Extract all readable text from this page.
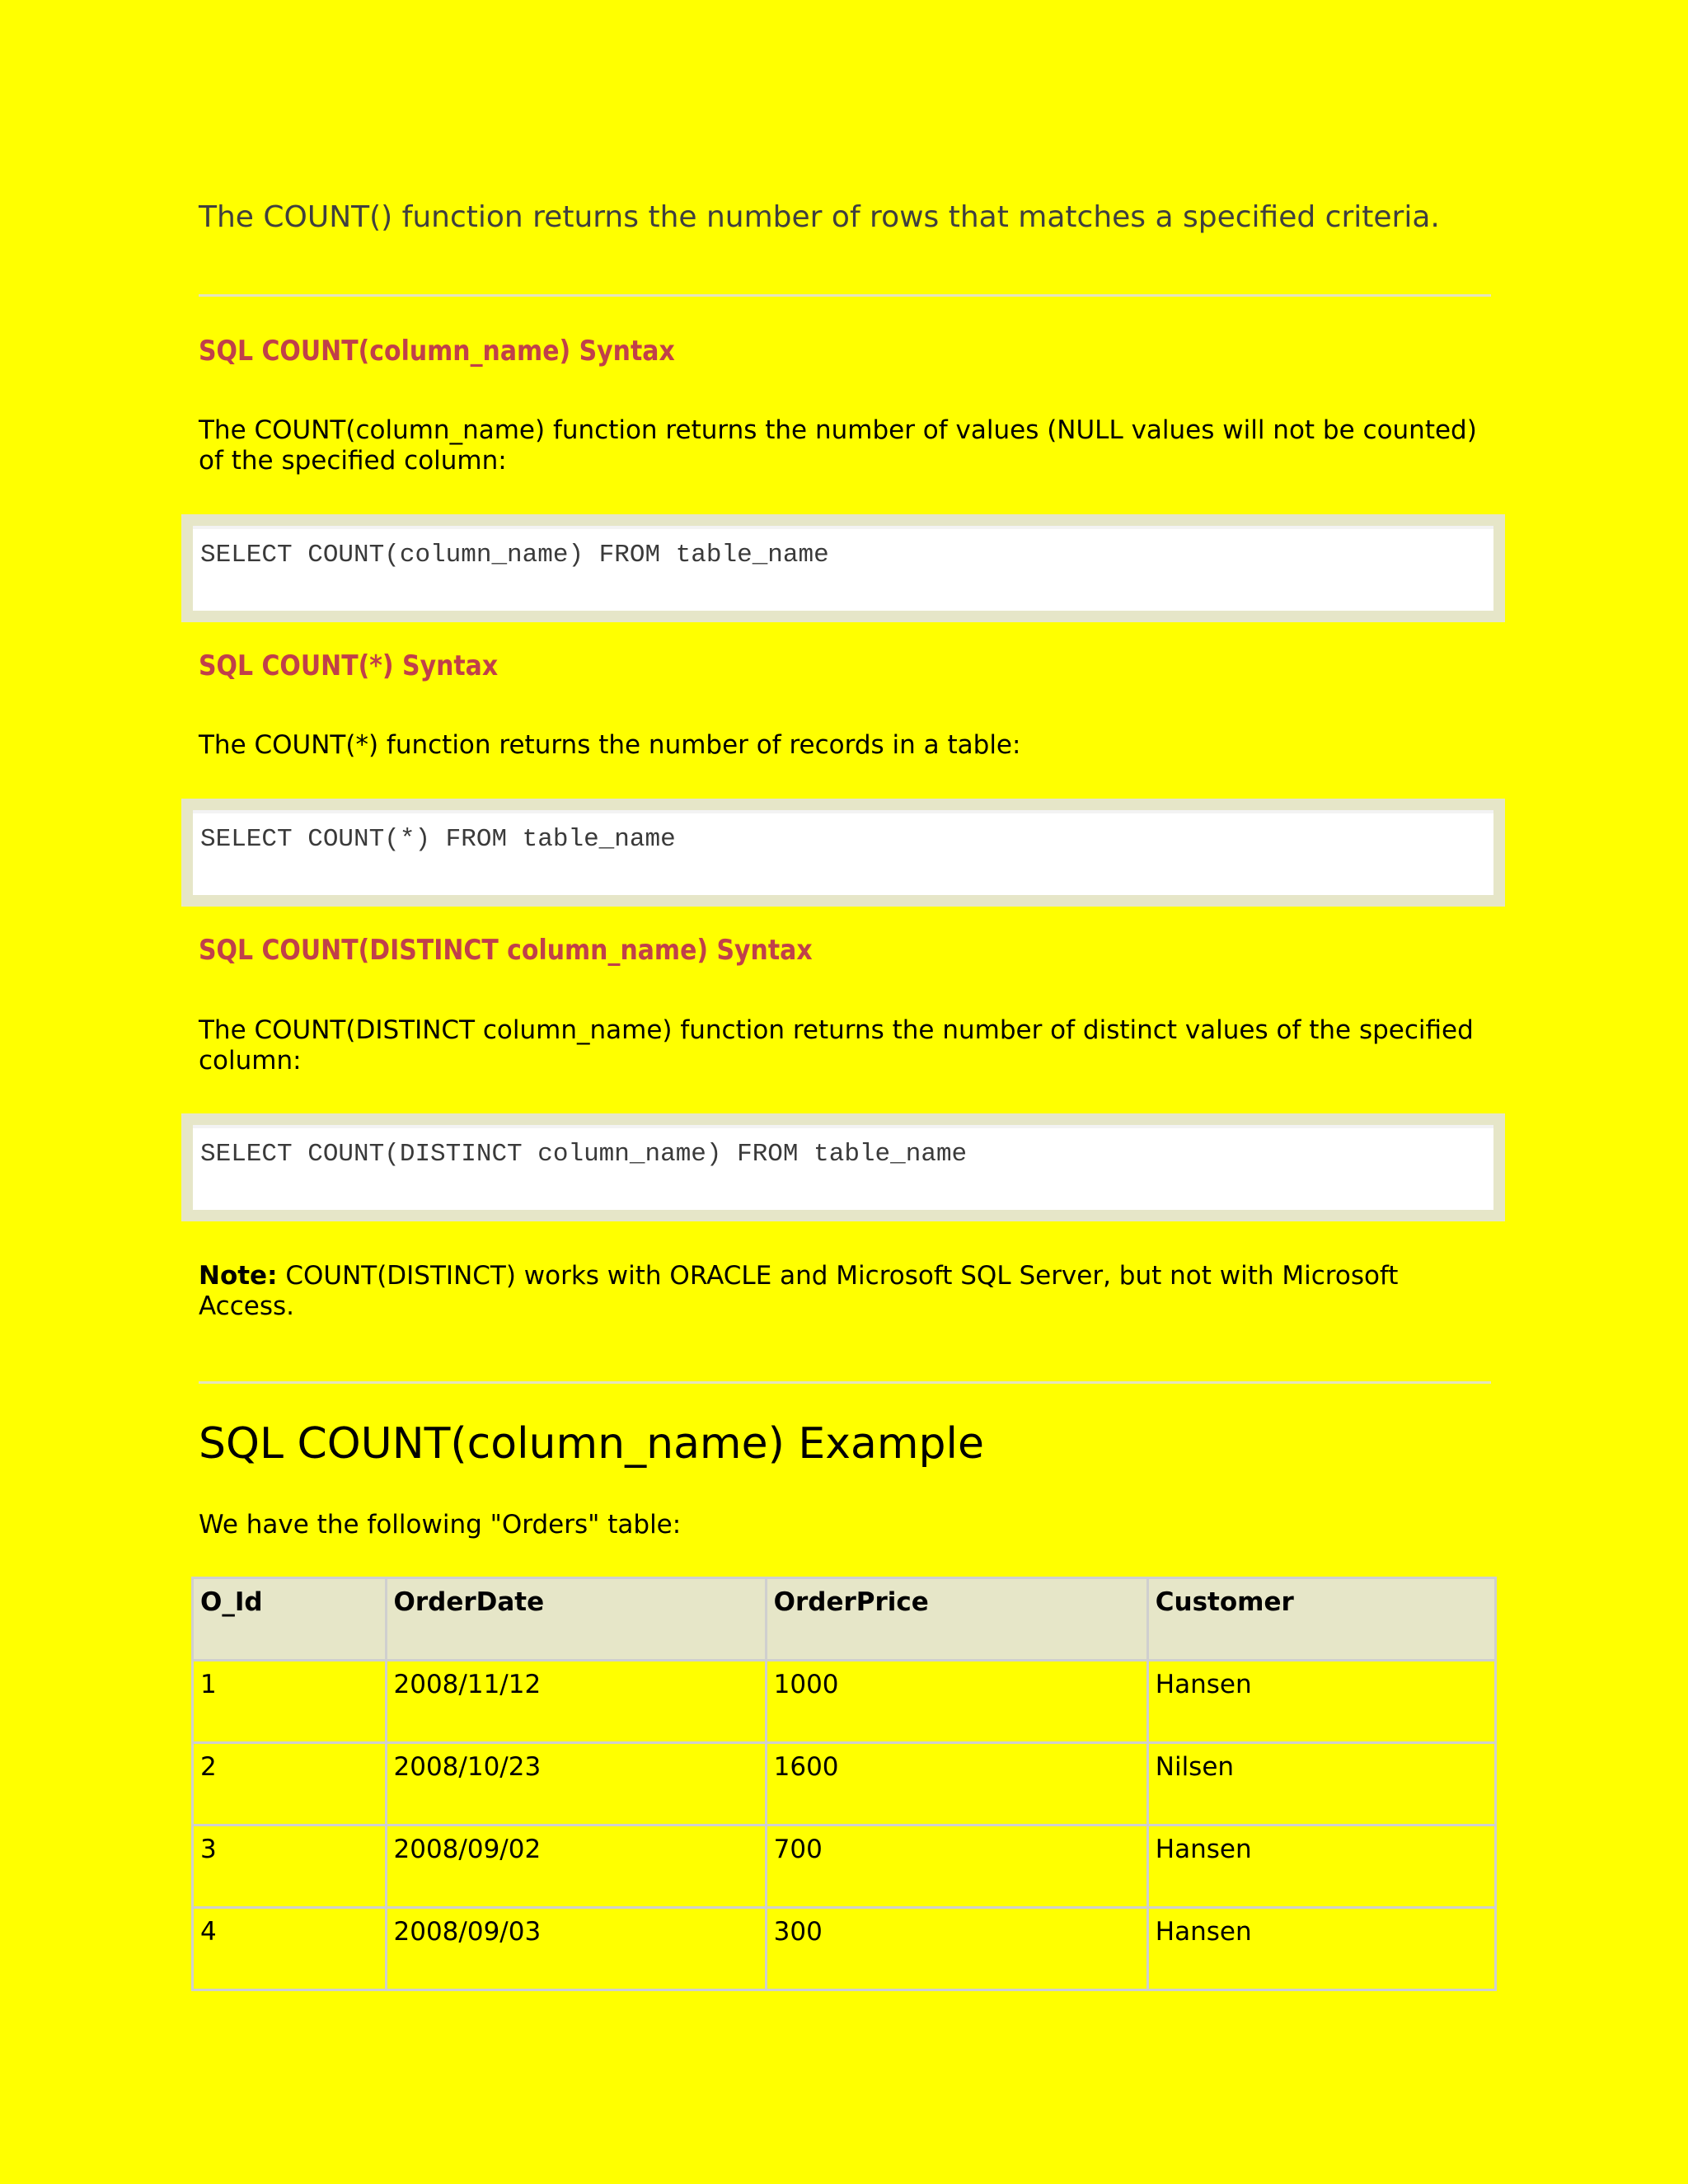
The COUNT() function returns the number of rows that matches a specified criteria.
SQL COUNT(column_name) Syntax
The COUNT(column_name) function returns the number of values (NULL values will not be counted) of the specified column:
SELECT COUNT(column_name) FROM table_name
SQL COUNT(*) Syntax
The COUNT(*) function returns the number of records in a table:
SELECT COUNT(*) FROM table_name
SQL COUNT(DISTINCT column_name) Syntax
The COUNT(DISTINCT column_name) function returns the number of distinct values of the specified column:
SELECT COUNT(DISTINCT column_name) FROM table_name
Note: COUNT(DISTINCT) works with ORACLE and Microsoft SQL Server, but not with Microsoft Access.
SQL COUNT(column_name) Example
We have the following "Orders" table:
O_Id	OrderDate	OrderPrice	Customer
1	2008/11/12	1000	Hansen
2	2008/10/23	1600	Nilsen
3	2008/09/02	700	Hansen
4	2008/09/03	300	Hansen
